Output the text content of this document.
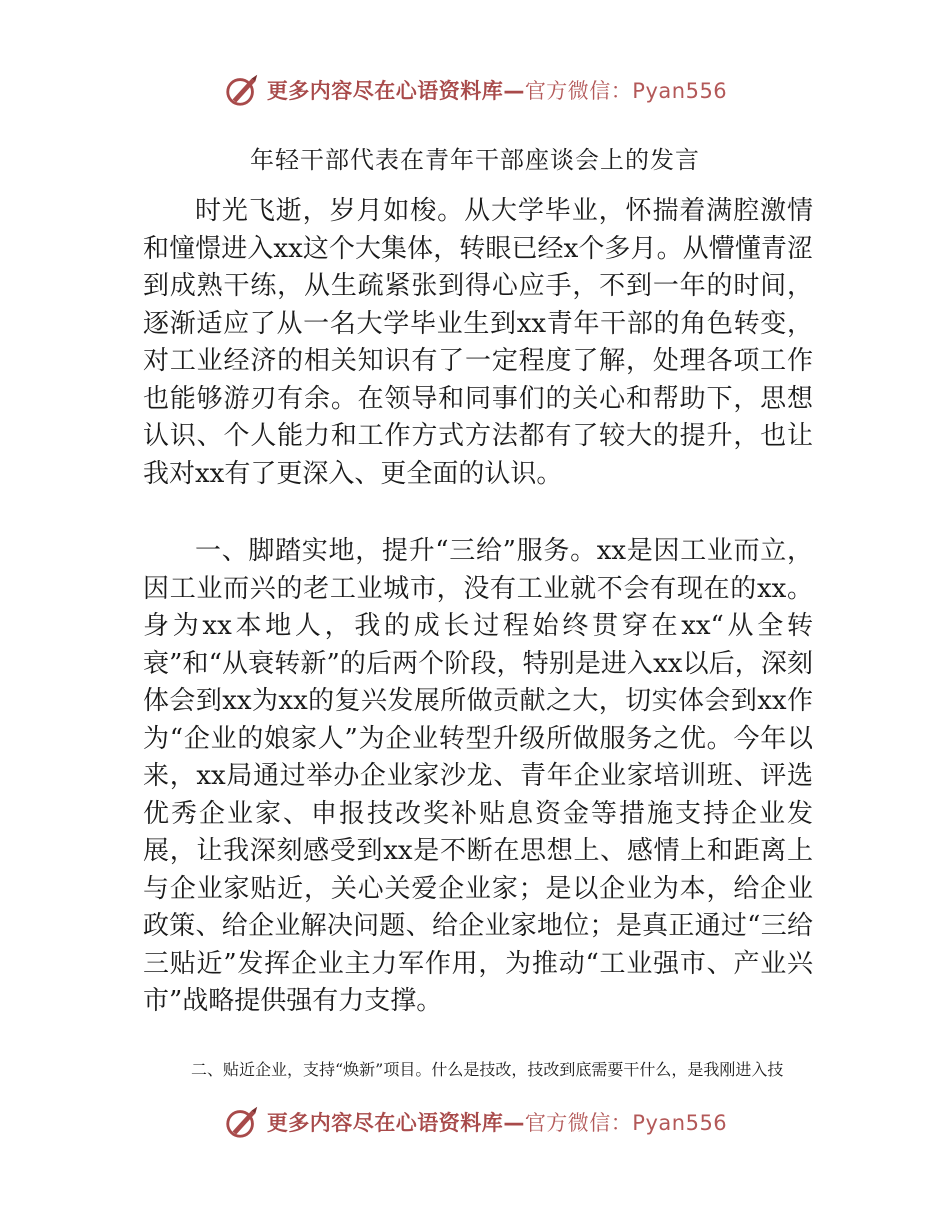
更多内容尽在心语资料库—官方微信：Pyan556
年轻干部代表在青年干部座谈会上的发言

时光飞逝，岁月如梭。从大学毕业，怀揣着满腔激情和憧憬进入xx这个大集体，转眼已经x个多月。从懵懂青涩到成熟干练，从生疏紧张到得心应手，不到一年的时间，逐渐适应了从一名大学毕业生到xx青年干部的角色转变，对工业经济的相关知识有了一定程度了解，处理各项工作也能够游刃有余。在领导和同事们的关心和帮助下，思想认识、个人能力和工作方式方法都有了较大的提升，也让我对xx有了更深入、更全面的认识。

一、脚踏实地，提升“三给”服务。xx是因工业而立，因工业而兴的老工业城市，没有工业就不会有现在的xx。身为xx本地人，我的成长过程始终贯穿在xx“从全转衰”和“从衰转新”的后两个阶段，特别是进入xx以后，深刻体会到xx为xx的复兴发展所做贡献之大，切实体会到xx作为“企业的娘家人”为企业转型升级所做服务之优。今年以来，xx局通过举办企业家沙龙、青年企业家培训班、评选优秀企业家、申报技改奖补贴息资金等措施支持企业发展，让我深刻感受到xx是不断在思想上、感情上和距离上与企业家贴近，关心关爱企业家；是以企业为本，给企业政策、给企业解决问题、给企业家地位；是真正通过“三给三贴近”发挥企业主力军作用，为推动“工业强市、产业兴市”战略提供强有力支撑。

二、贴近企业，支持“焕新”项目。什么是技改，技改到底需要干什么，是我刚进入技
更多内容尽在心语资料库—官方微信：Pyan556
